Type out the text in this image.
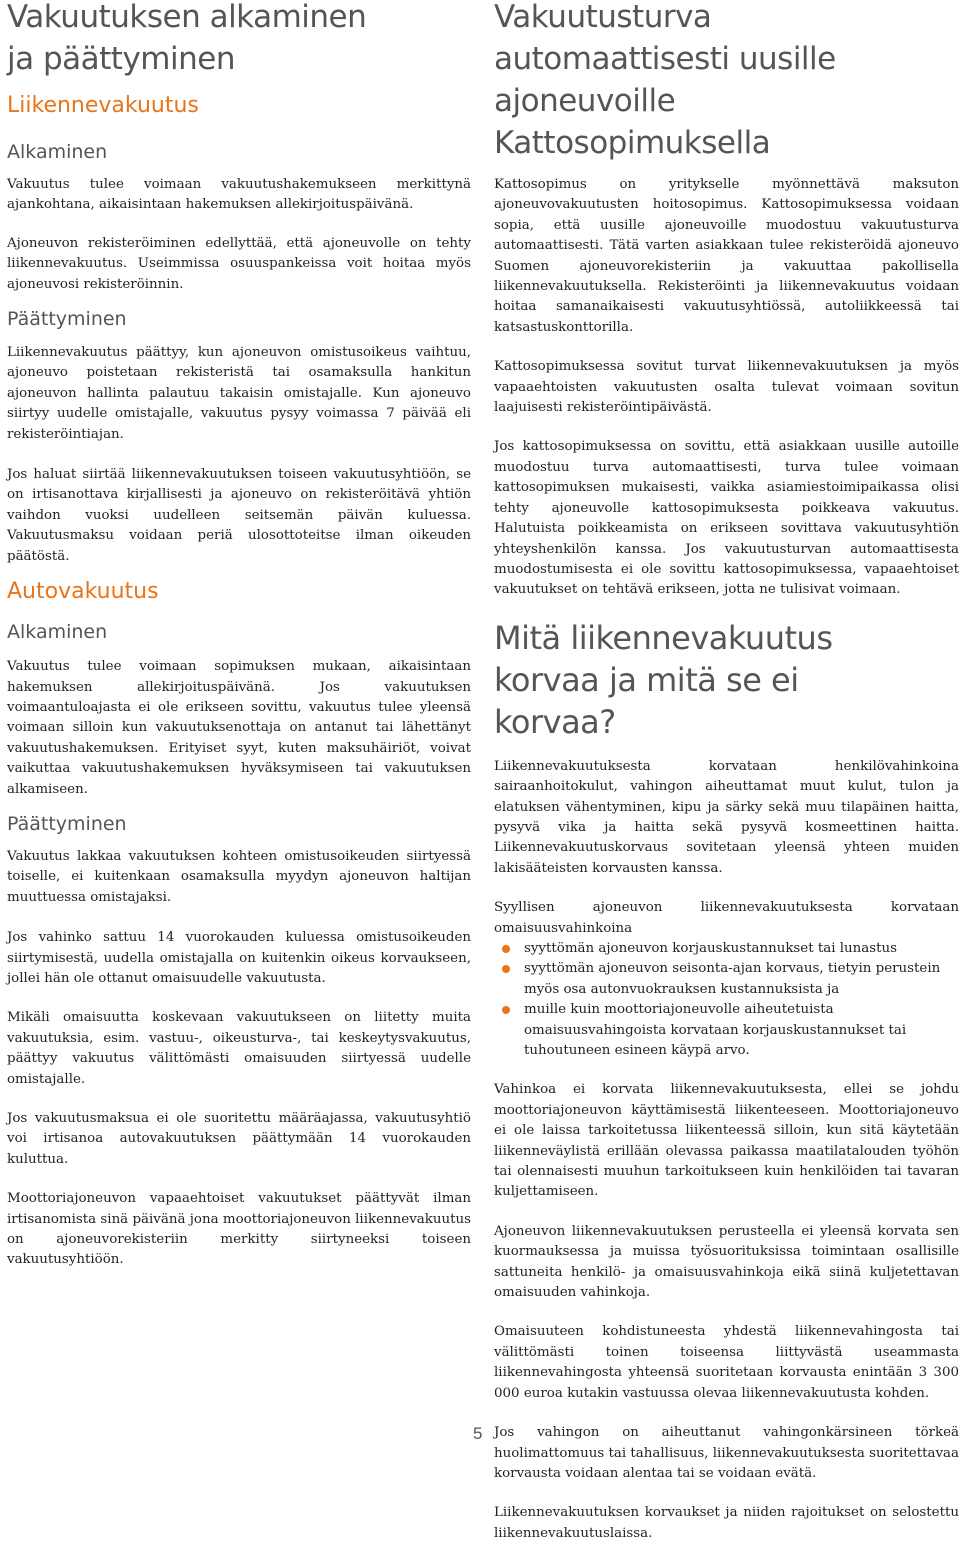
Vakuutuksen alkaminen ja päättyminen
Liikennevakuutus
Alkaminen

Vakuutus tulee voimaan vakuutushakemukseen merkittynä ajankohtana, aikaisintaan hakemuksen allekirjoituspäivänä.

Ajoneuvon rekisteröiminen edellyttää, että ajoneuvolle on tehty liikennevakuutus. Useimmissa osuuspankeissa voit hoitaa myös ajoneuvosi rekisteröinnin.

Päättyminen

Liikennevakuutus päättyy, kun ajoneuvon omistusoikeus vaihtuu, ajoneuvo poistetaan rekisteristä tai osamaksulla hankitun ajoneuvon hallinta palautuu takaisin omistajalle. Kun ajoneuvo siirtyy uudelle omistajalle, vakuutus pysyy voimassa 7 päivää eli rekisteröintiajan.

Jos haluat siirtää liikennevakuutuksen toiseen vakuutusyhtiöön, se on irtisanottava kirjallisesti ja ajoneuvo on rekisteröitävä yhtiön vaihdon vuoksi uudelleen seitsemän päivän kuluessa. Vakuutusmaksu voidaan periä ulosottoteitse ilman oikeuden päätöstä.

Autovakuutus
Alkaminen

Vakuutus tulee voimaan sopimuksen mukaan, aikaisintaan hakemuksen allekirjoituspäivänä. Jos vakuutuksen voimaantuloajasta ei ole erikseen sovittu, vakuutus tulee yleensä voimaan silloin kun vakuutuksenottaja on antanut tai lähettänyt vakuutushakemuksen. Erityiset syyt, kuten maksuhäiriöt, voivat vaikuttaa vakuutushakemuksen hyväksymiseen tai vakuutuksen alkamiseen.

Päättyminen

Vakuutus lakkaa vakuutuksen kohteen omistusoikeuden siirtyessä toiselle, ei kuitenkaan osamaksulla myydyn ajoneuvon haltijan muuttuessa omistajaksi.

Jos vahinko sattuu 14 vuorokauden kuluessa omistusoikeuden siirtymisestä, uudella omistajalla on kuitenkin oikeus korvaukseen, jollei hän ole ottanut omaisuudelle vakuutusta.

Mikäli omaisuutta koskevaan vakuutukseen on liitetty muita vakuutuksia, esim. vastuu-, oikeusturva-, tai keskeytysvakuutus, päättyy vakuutus välittömästi omaisuuden siirtyessä uudelle omistajalle.

Jos vakuutusmaksua ei ole suoritettu määräajassa, vakuutusyhtiö voi irtisanoa autovakuutuksen päättymään 14 vuorokauden kuluttua.

Moottoriajoneuvon vapaaehtoiset vakuutukset päättyvät ilman irtisanomista sinä päivänä jona moottoriajoneuvon liikennevakuutus on ajoneuvorekisteriin merkitty siirtyneeksi toiseen vakuutusyhtiöön.

Vakuutusturva automaattisesti uusille ajoneuvoille Kattosopimuksella

Kattosopimus on yritykselle myönnettävä maksuton ajoneuvovakuutusten hoitosopimus. Kattosopimuksessa voidaan sopia, että uusille ajoneuvoille muodostuu vakuutusturva automaattisesti. Tätä varten asiakkaan tulee rekisteröidä ajoneuvo Suomen ajoneuvorekisteriin ja vakuuttaa pakollisella liikennevakuutuksella. Rekisteröinti ja liikennevakuutus voidaan hoitaa samanaikaisesti vakuutusyhtiössä, autoliikkeessä tai katsastuskonttorilla.

Kattosopimuksessa sovitut turvat liikennevakuutuksen ja myös vapaaehtoisten vakuutusten osalta tulevat voimaan sovitun laajuisesti rekisteröintipäivästä.

Jos kattosopimuksessa on sovittu, että asiakkaan uusille autoille muodostuu turva automaattisesti, turva tulee voimaan kattosopimuksen mukaisesti, vaikka asiamiestoimipaikassa olisi tehty ajoneuvolle kattosopimuksesta poikkeava vakuutus. Halutuista poikkeamista on erikseen sovittava vakuutusyhtiön yhteyshenkilön kanssa. Jos vakuutusturvan automaattisesta muodostumisesta ei ole sovittu kattosopimuksessa, vapaaehtoiset vakuutukset on tehtävä erikseen, jotta ne tulisivat voimaan.

Mitä liikennevakuutus korvaa ja mitä se ei korvaa?

Liikennevakuutuksesta korvataan henkilövahinkoina sairaanhoitokulut, vahingon aiheuttamat muut kulut, tulon ja elatuksen vähentyminen, kipu ja särky sekä muu tilapäinen haitta, pysyvä vika ja haitta sekä pysyvä kosmeettinen haitta. Liikennevakuutuskorvaus sovitetaan yleensä yhteen muiden lakisääteisten korvausten kanssa.

Syyllisen ajoneuvon liikennevakuutuksesta korvataan omaisuusvahinkoina

syyttömän ajoneuvon korjauskustannukset tai lunastus
syyttömän ajoneuvon seisonta-ajan korvaus, tietyin perustein myös osa autonvuokrauksen kustannuksista ja
muille kuin moottoriajoneuvolle aiheutetuista omaisuusvahingoista korvataan korjauskustannukset tai tuhoutuneen esineen käypä arvo.

Vahinkoa ei korvata liikennevakuutuksesta, ellei se johdu moottoriajoneuvon käyttämisestä liikenteeseen. Moottoriajoneuvo ei ole laissa tarkoitetussa liikenteessä silloin, kun sitä käytetään liikenneväylistä erillään olevassa paikassa maatilatalouden työhön tai olennaisesti muuhun tarkoitukseen kuin henkilöiden tai tavaran kuljettamiseen.

Ajoneuvon liikennevakuutuksen perusteella ei yleensä korvata sen kuormauksessa ja muissa työsuorituksissa toimintaan osallisille sattuneita henkilö- ja omaisuusvahinkoja eikä siinä kuljetettavan omaisuuden vahinkoja.

Omaisuuteen kohdistuneesta yhdestä liikennevahingosta tai välittömästi toinen toiseensa liittyvästä useammasta liikennevahingosta yhteensä suoritetaan korvausta enintään 3 300 000 euroa kutakin vastuussa olevaa liikennevakuutusta kohden.

Jos vahingon on aiheuttanut vahingonkärsineen törkeä huolimattomuus tai tahallisuus, liikennevakuutuksesta suoritettavaa korvausta voidaan alentaa tai se voidaan evätä.

Liikennevakuutuksen korvaukset ja niiden rajoitukset on selostettu liikennevakuutuslaissa.

5
